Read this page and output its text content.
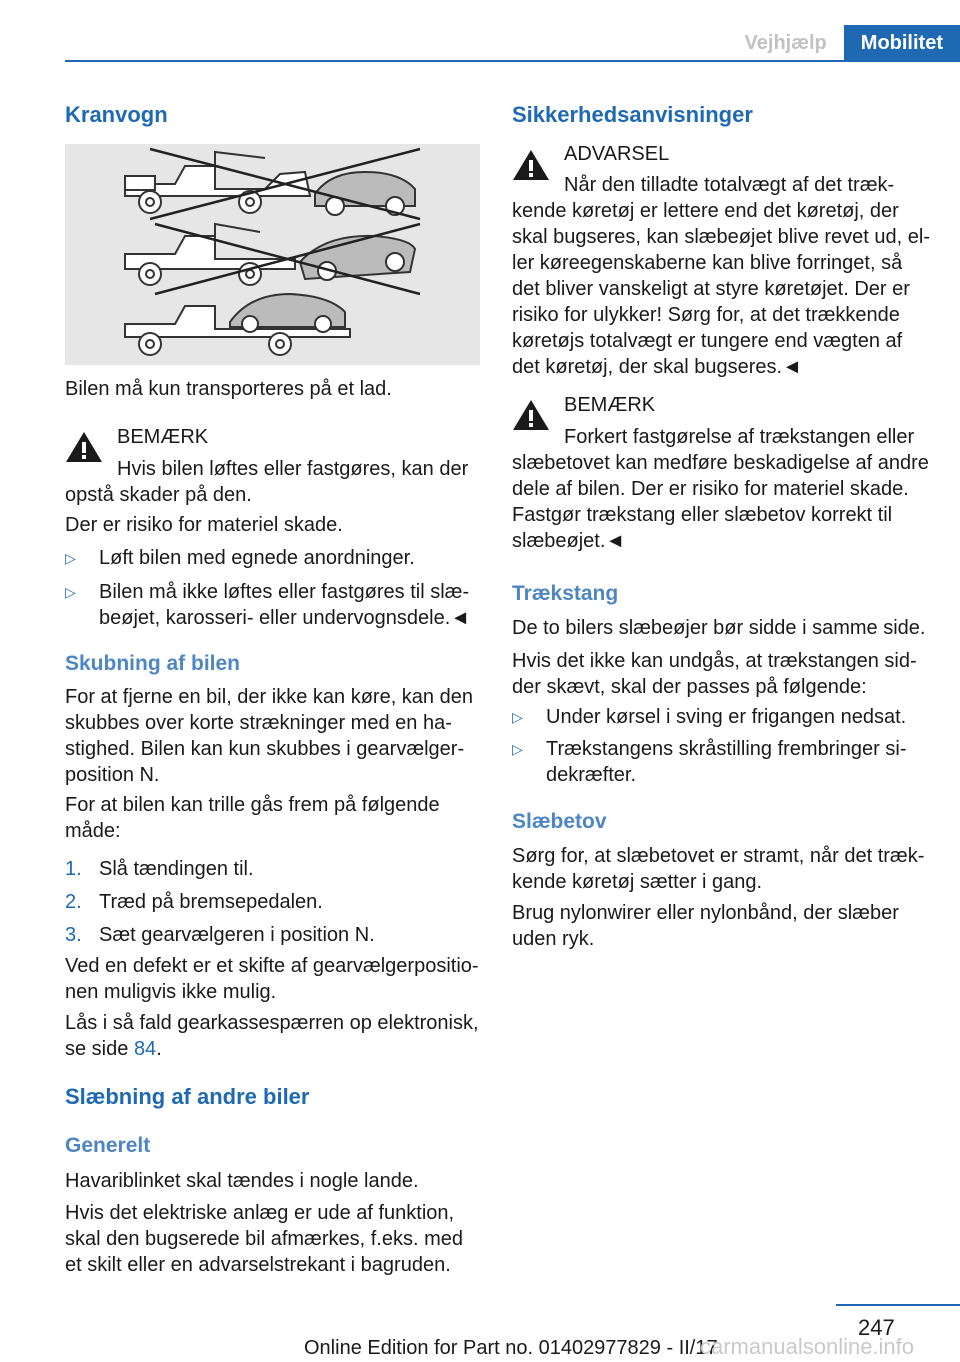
Vejhjælp	Mobilitet
Kranvogn

Bilen må kun transporteres på et lad.

BEMÆRK

Hvis bilen løftes eller fastgøres, kan der opstå skader på den.

Der er risiko for materiel skade.

▷ Løft bilen med egnede anordninger.
▷ Bilen må ikke løftes eller fastgøres til slæ-beøjet, karosseri- eller undervognsdele.◄
Skubning af bilen

For at fjerne en bil, der ikke kan køre, kan den skubbes over korte strækninger med en ha-stighed. Bilen kan kun skubbes i gearvælger-position N.

For at bilen kan trille gås frem på følgende måde:

1. Slå tændingen til.
2. Træd på bremsepedalen.
3. Sæt gearvælgeren i position N.

Ved en defekt er et skifte af gearvælgerpositio-nen muligvis ikke mulig.

Lås i så fald gearkassespærren op elektronisk, se side 84.

Slæbning af andre biler
Generelt

Havariblinket skal tændes i nogle lande.

Hvis det elektriske anlæg er ude af funktion, skal den bugserede bil afmærkes, f.eks. med et skilt eller en advarselstrekant i bagruden.

Sikkerhedsanvisninger

ADVARSEL

Når den tilladte totalvægt af det træk-kende køretøj er lettere end det køretøj, der skal bugseres, kan slæbeøjet blive revet ud, el-ler køreegenskaberne kan blive forringet, så det bliver vanskeligt at styre køretøjet. Der er risiko for ulykker! Sørg for, at det trækkende køretøjs totalvægt er tungere end vægten af det køretøj, der skal bugseres.◄

BEMÆRK

Forkert fastgørelse af trækstangen eller slæbetovet kan medføre beskadigelse af andre dele af bilen. Der er risiko for materiel skade. Fastgør trækstang eller slæbetov korrekt til slæbeøjet.◄

Trækstang

De to bilers slæbeøjer bør sidde i samme side.

Hvis det ikke kan undgås, at trækstangen sid-der skævt, skal der passes på følgende:

▷ Under kørsel i sving er frigangen nedsat.
▷ Trækstangens skråstilling frembringer si-dekræfter.
Slæbetov

Sørg for, at slæbetovet er stramt, når det træk-kende køretøj sætter i gang.

Brug nylonwirer eller nylonbånd, der slæber uden ryk.

247
Online Edition for Part no. 01402977829 - II/17
carmanualsonline.info
